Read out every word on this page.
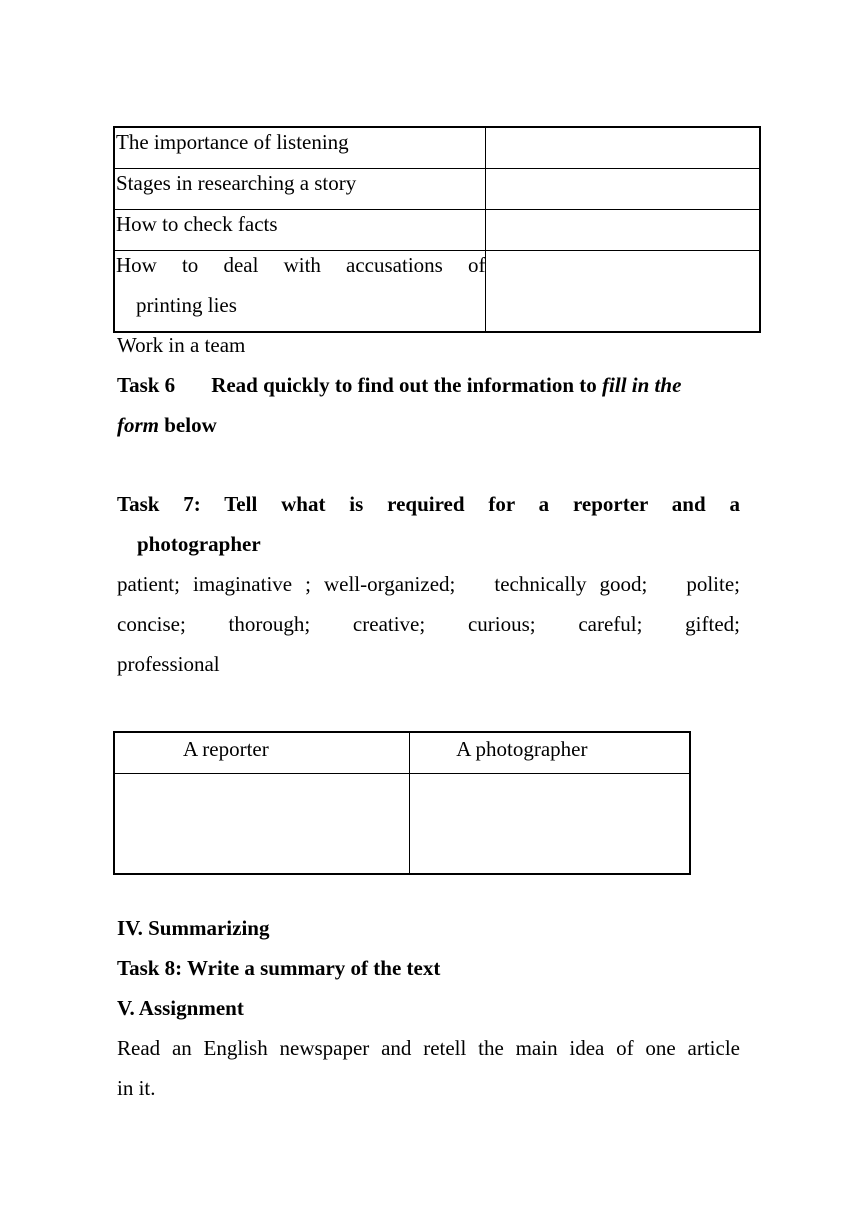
The importance of listening	

Stages in researching a story	

How to check facts	

How to deal with accusations of
printing lies	

Work in a team
Task 6 Read quickly to find out the information to fill in the
form below
Task 7: Tell what is required for a reporter and a
photographer
patient; imaginative ; well-organized;   technically good;   polite;
concise; thorough; creative; curious; careful; gifted;
professional
A reporter	A photographer

IV. Summarizing
Task 8: Write a summary of the text
V. Assignment
Read an English newspaper and retell the main idea of one article
in it.
